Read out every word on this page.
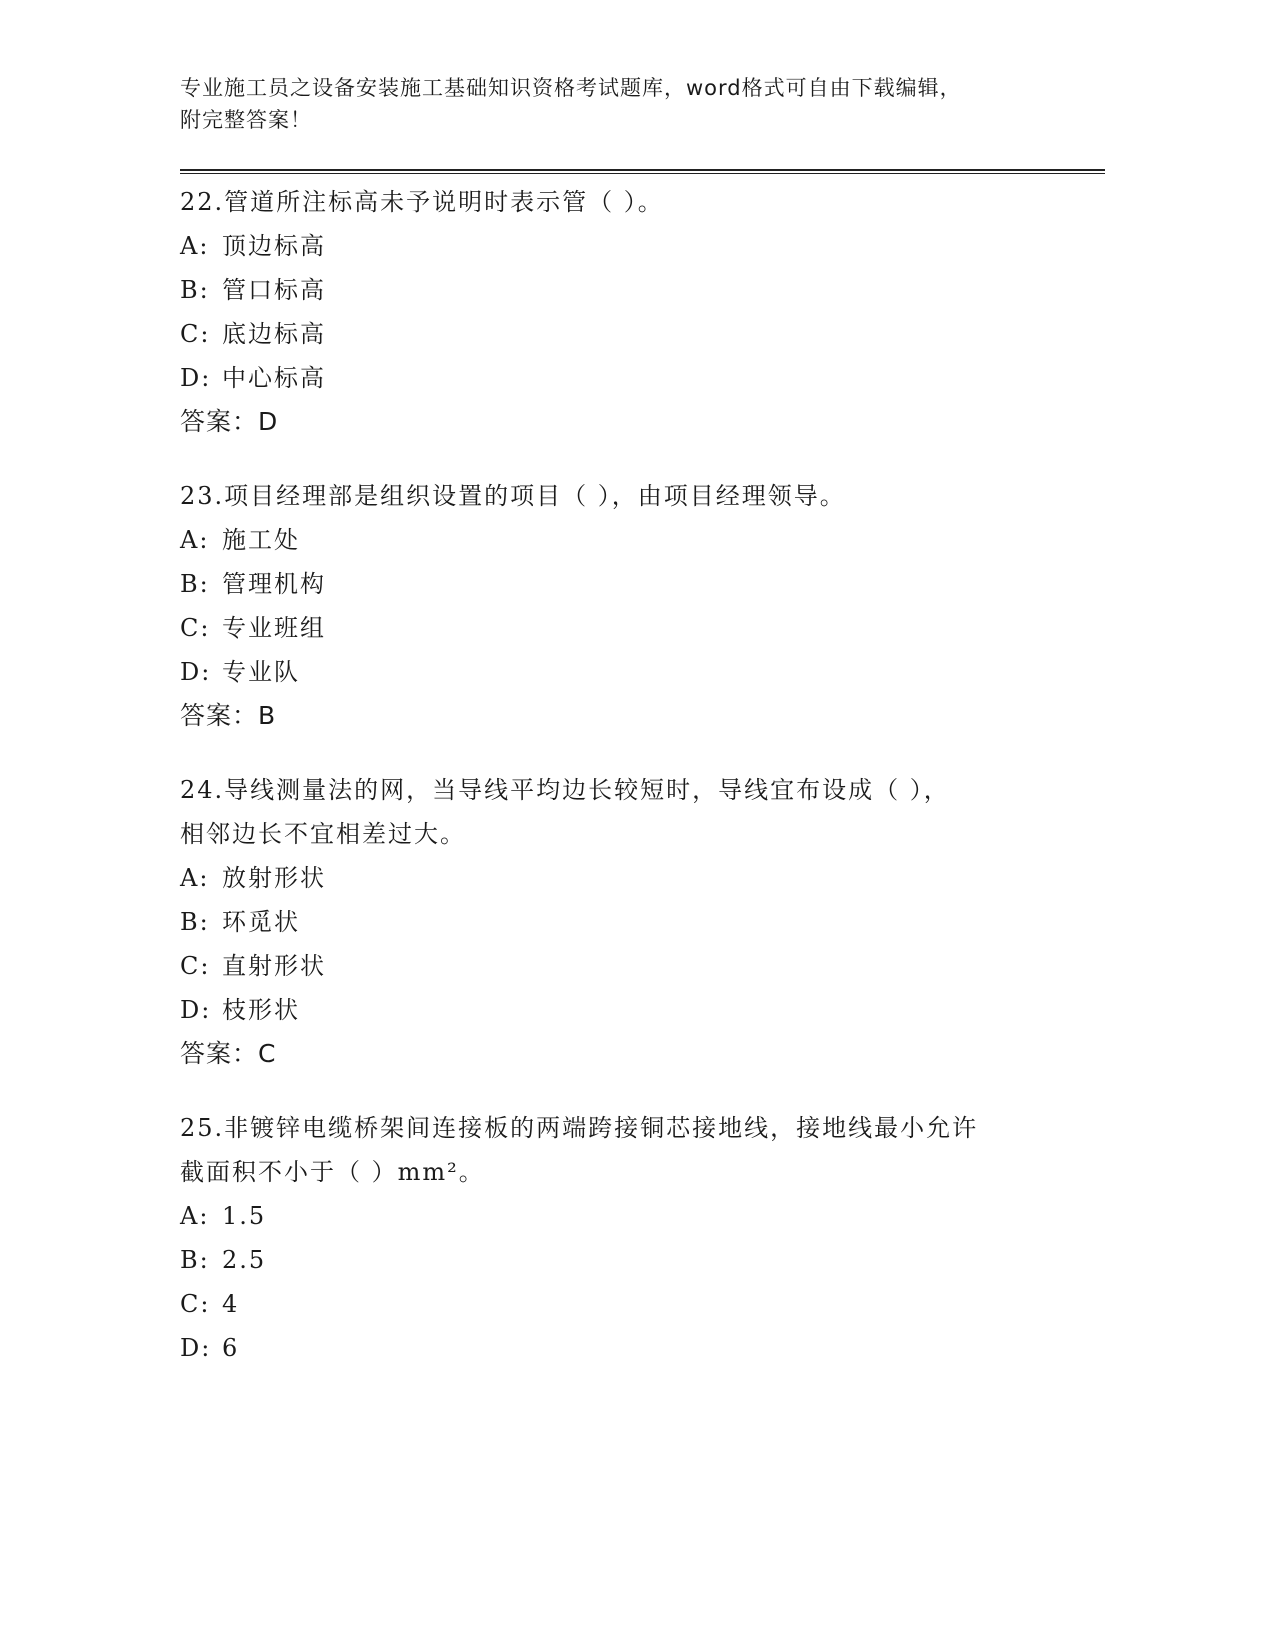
专业施工员之设备安装施工基础知识资格考试题库，word格式可自由下载编辑，
附完整答案！
22.管道所注标高未予说明时表示管（ ）。
A: 顶边标高
B: 管口标高
C: 底边标高
D: 中心标高
答案：D
23.项目经理部是组织设置的项目（ ），由项目经理领导。
A: 施工处
B: 管理机构
C: 专业班组
D: 专业队
答案：B
24.导线测量法的网，当导线平均边长较短时，导线宜布设成（ ），
相邻边长不宜相差过大。
A: 放射形状
B: 环觅状
C: 直射形状
D: 枝形状
答案：C
25.非镀锌电缆桥架间连接板的两端跨接铜芯接地线，接地线最小允许
截面积不小于（ ）mm²。
A: 1.5
B: 2.5
C: 4
D: 6
